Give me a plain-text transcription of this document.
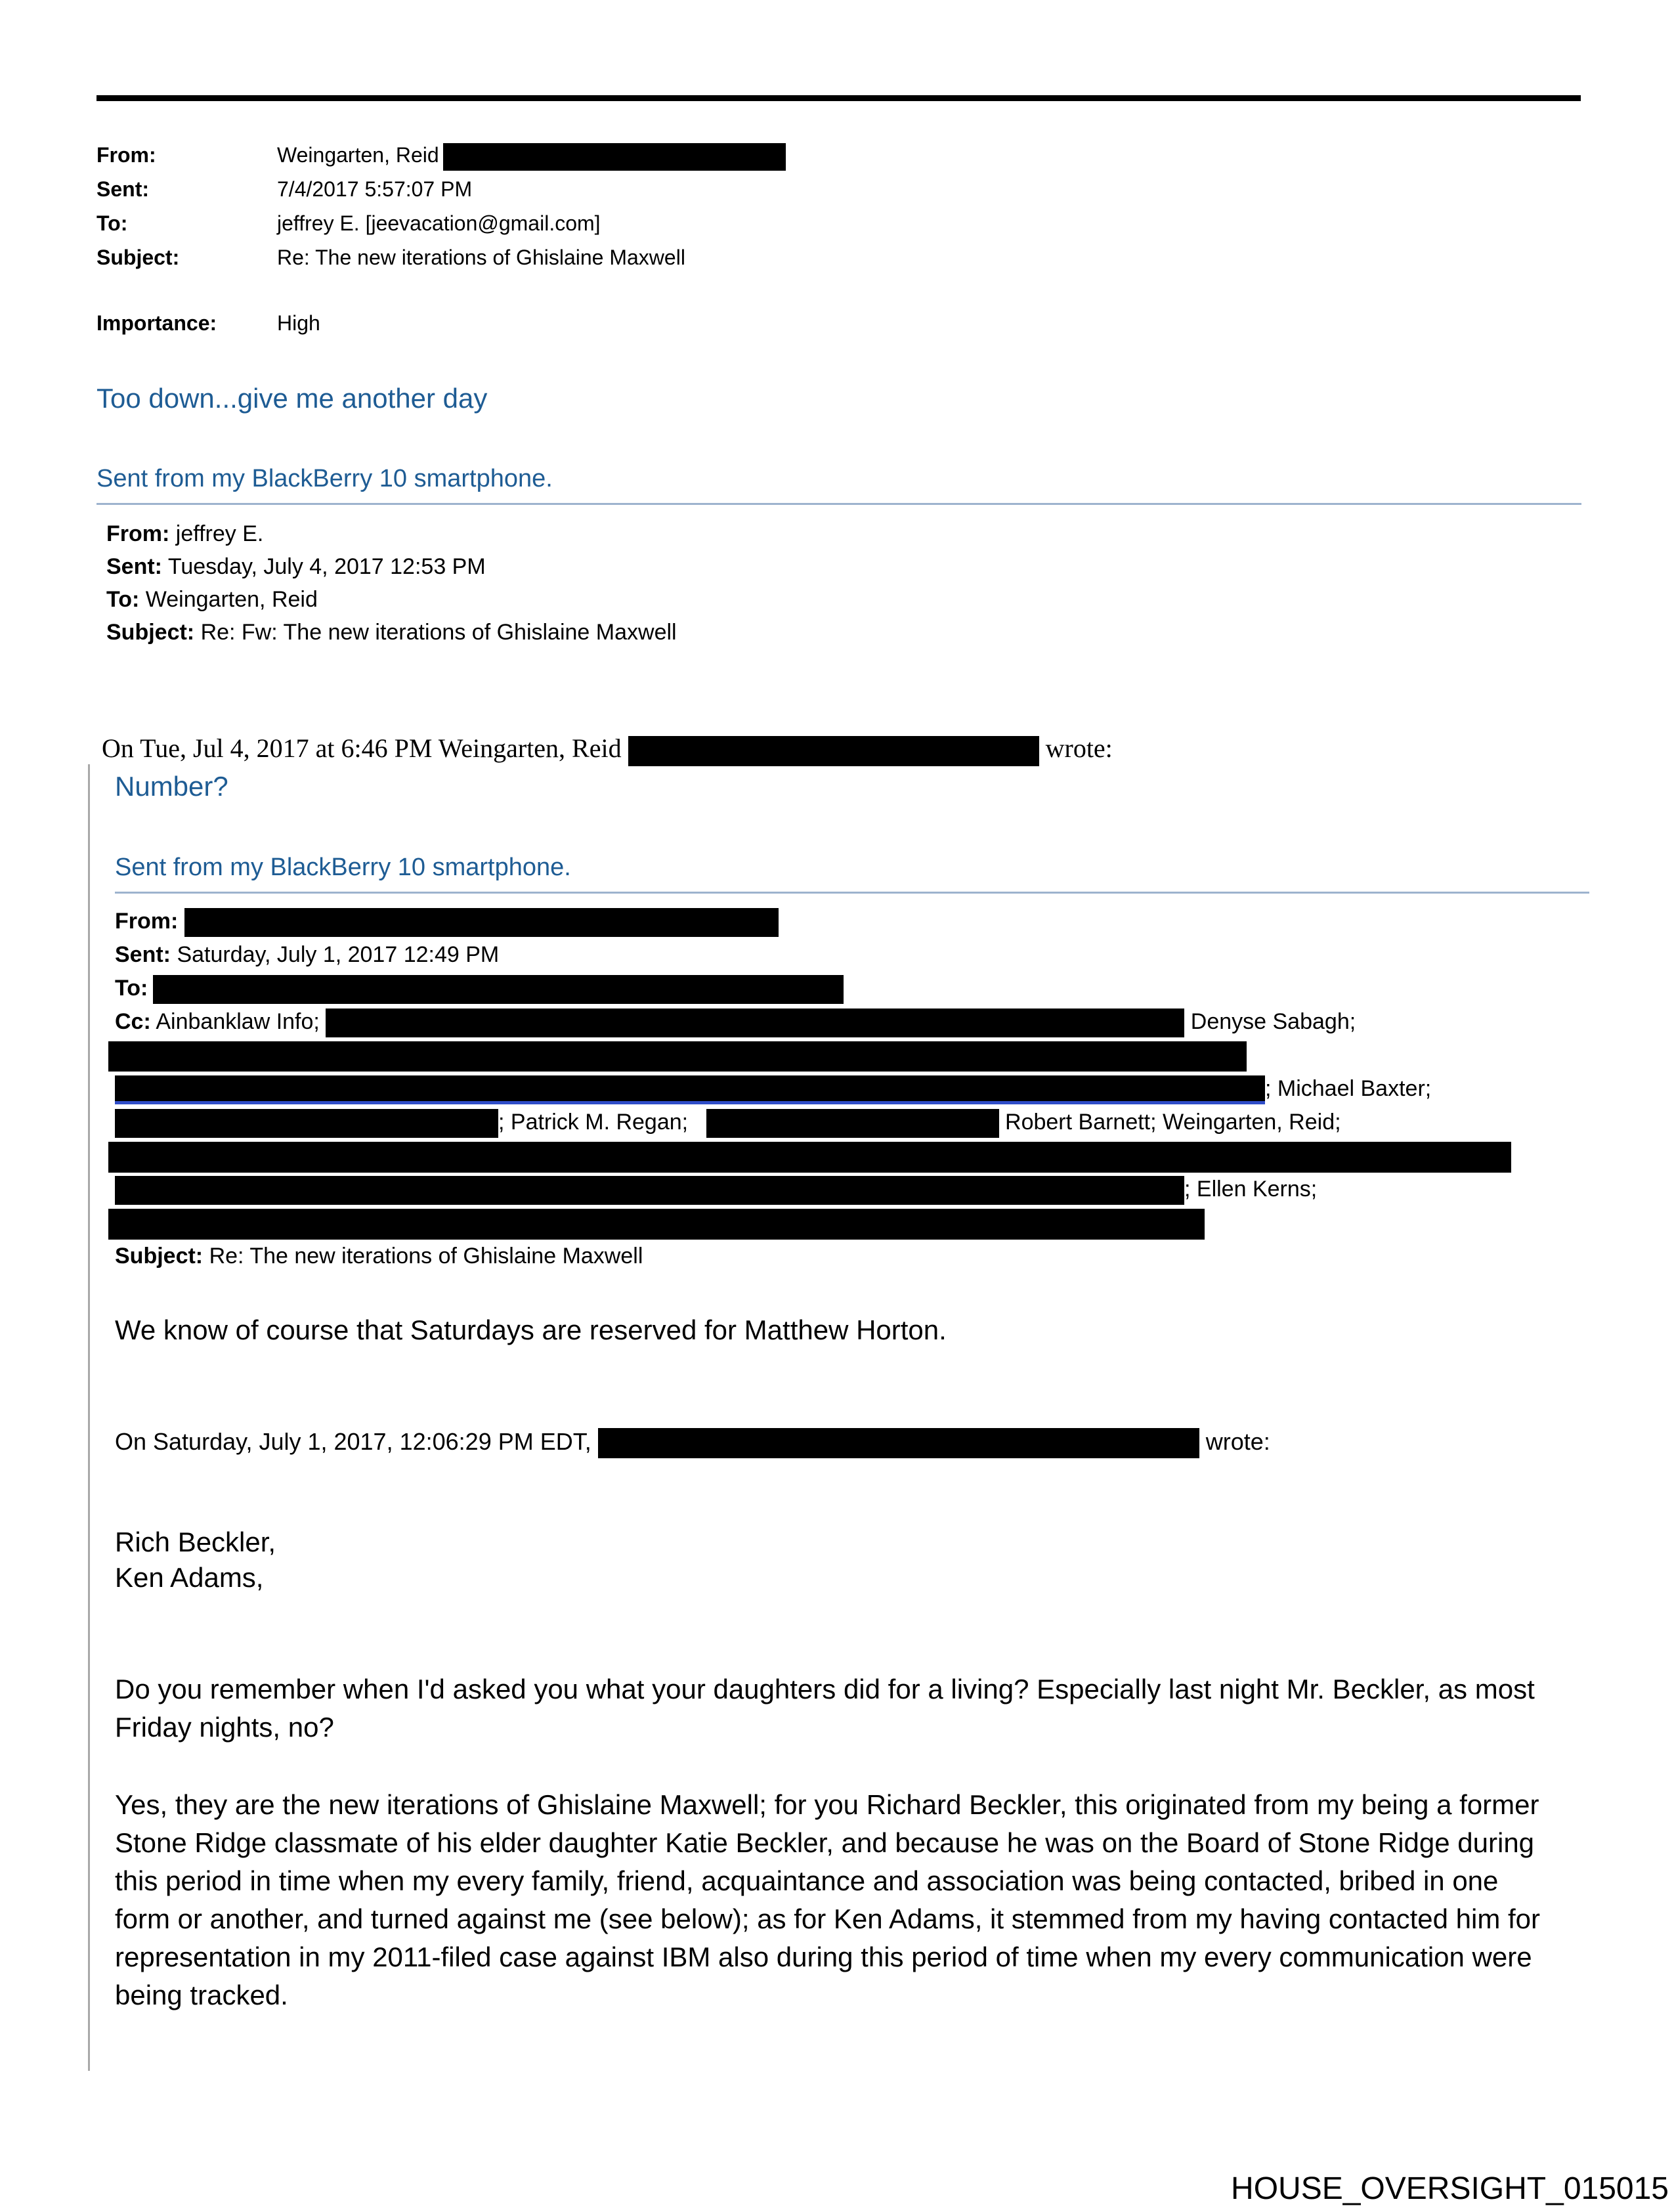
From:	Weingarten, Reid
Sent:	7/4/2017 5:57:07 PM
To:	jeffrey E. [jeevacation@gmail.com]
Subject:	Re: The new iterations of Ghislaine Maxwell
Importance:	High
Too down...give me another day
Sent from my BlackBerry 10 smartphone.
From: jeffrey E.
Sent: Tuesday, July 4, 2017 12:53 PM
To: Weingarten, Reid
Subject: Re: Fw: The new iterations of Ghislaine Maxwell
On Tue, Jul 4, 2017 at 6:46 PM Weingarten, Reid	wrote:
Number?
Sent from my BlackBerry 10 smartphone.
From:
Sent: Saturday, July 1, 2017 12:49 PM
To:
Cc: Ainbanklaw Info;	Denyse Sabagh;
; Michael Baxter;
; Patrick M. Regan;	Robert Barnett; Weingarten, Reid;
; Ellen Kerns;
Subject: Re: The new iterations of Ghislaine Maxwell
We know of course that Saturdays are reserved for Matthew Horton.
On Saturday, July 1, 2017, 12:06:29 PM EDT,	wrote:
Rich Beckler,
Ken Adams,
Do you remember when I'd asked you what your daughters did for a living? Especially last night Mr. Beckler, as most Friday nights, no?
Yes, they are the new iterations of Ghislaine Maxwell; for you Richard Beckler, this originated from my being a former Stone Ridge classmate of his elder daughter Katie Beckler, and because he was on the Board of Stone Ridge during this period in time when my every family, friend, acquaintance and association was being contacted, bribed in one form or another, and turned against me (see below); as for Ken Adams, it stemmed from my having contacted him for representation in my 2011-filed case against IBM also during this period of time when my every communication were being tracked.
HOUSE_OVERSIGHT_015015
